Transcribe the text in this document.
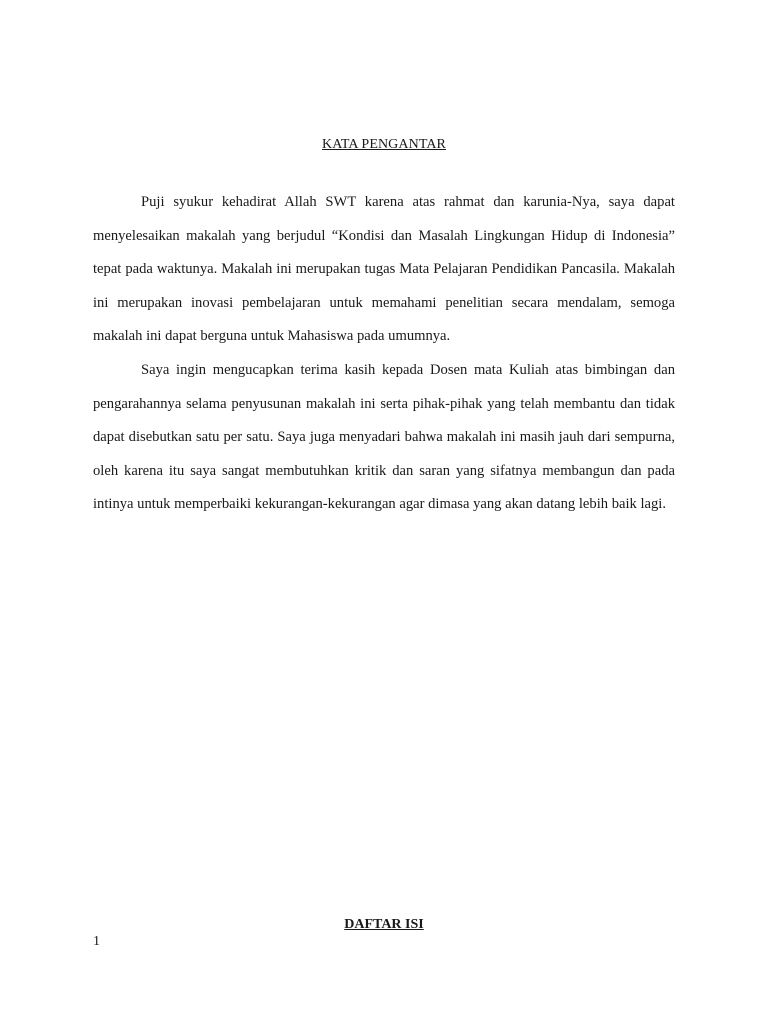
KATA PENGANTAR

Puji syukur kehadirat Allah SWT karena atas rahmat dan karunia-Nya, saya dapat menyelesaikan makalah yang berjudul “Kondisi dan Masalah Lingkungan Hidup di Indonesia” tepat pada waktunya. Makalah ini merupakan tugas Mata Pelajaran Pendidikan Pancasila. Makalah ini merupakan inovasi pembelajaran untuk memahami penelitian secara mendalam, semoga makalah ini dapat berguna untuk Mahasiswa pada umumnya.

Saya ingin mengucapkan terima kasih kepada Dosen mata Kuliah atas bimbingan dan pengarahannya selama penyusunan makalah ini serta pihak-pihak yang telah membantu dan tidak dapat disebutkan satu per satu. Saya juga menyadari bahwa makalah ini masih jauh dari sempurna, oleh karena itu saya sangat membutuhkan kritik dan saran yang sifatnya membangun dan pada intinya untuk memperbaiki kekurangan-kekurangan agar dimasa yang akan datang lebih baik lagi.

DAFTAR ISI
1
